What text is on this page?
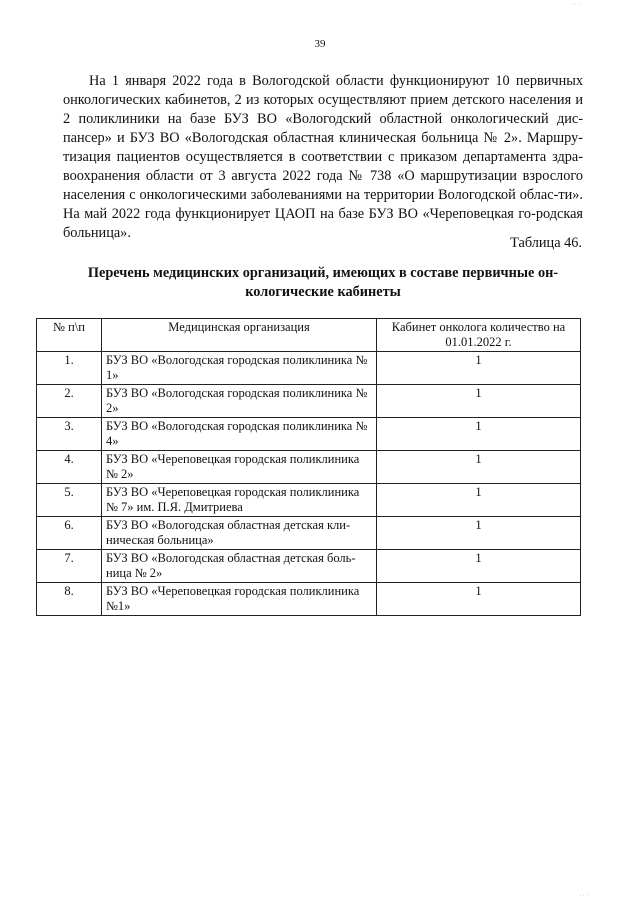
39

На 1 января 2022 года в Вологодской области функционируют 10 первичных онкологических кабинетов, 2 из которых осуществляют прием детского населения и 2 поликлиники на базе БУЗ ВО «Вологодский областной онкологический дис-пансер» и БУЗ ВО «Вологодская областная клиническая больница № 2». Маршру-тизация пациентов осуществляется в соответствии с приказом департамента здра-воохранения области от 3 августа 2022 года № 738 «О маршрутизации взрослого населения с онкологическими заболеваниями на территории Вологодской облас-ти». На май 2022 года функционирует ЦАОП на базе БУЗ ВО «Череповецкая го-родская больница».

Таблица 46.

Перечень медицинских организаций, имеющих в составе первичные он-кологические кабинеты

№ п\п	Медицинская организация	Кабинет онколога количество на 01.01.2022 г.
1.	БУЗ ВО «Вологодская городская поликлиника № 1»	1
2.	БУЗ ВО «Вологодская городская поликлиника № 2»	1
3.	БУЗ ВО «Вологодская городская поликлиника № 4»	1
4.	БУЗ ВО «Череповецкая городская поликлиника № 2»	1
5.	БУЗ ВО «Череповецкая городская поликлиника № 7» им. П.Я. Дмитриева	1
6.	БУЗ ВО «Вологодская областная детская кли-ническая больница»	1
7.	БУЗ ВО «Вологодская областная детская боль-ница № 2»	1
8.	БУЗ ВО «Череповецкая городская поликлиника №1»	1
· · ·
· · ·
